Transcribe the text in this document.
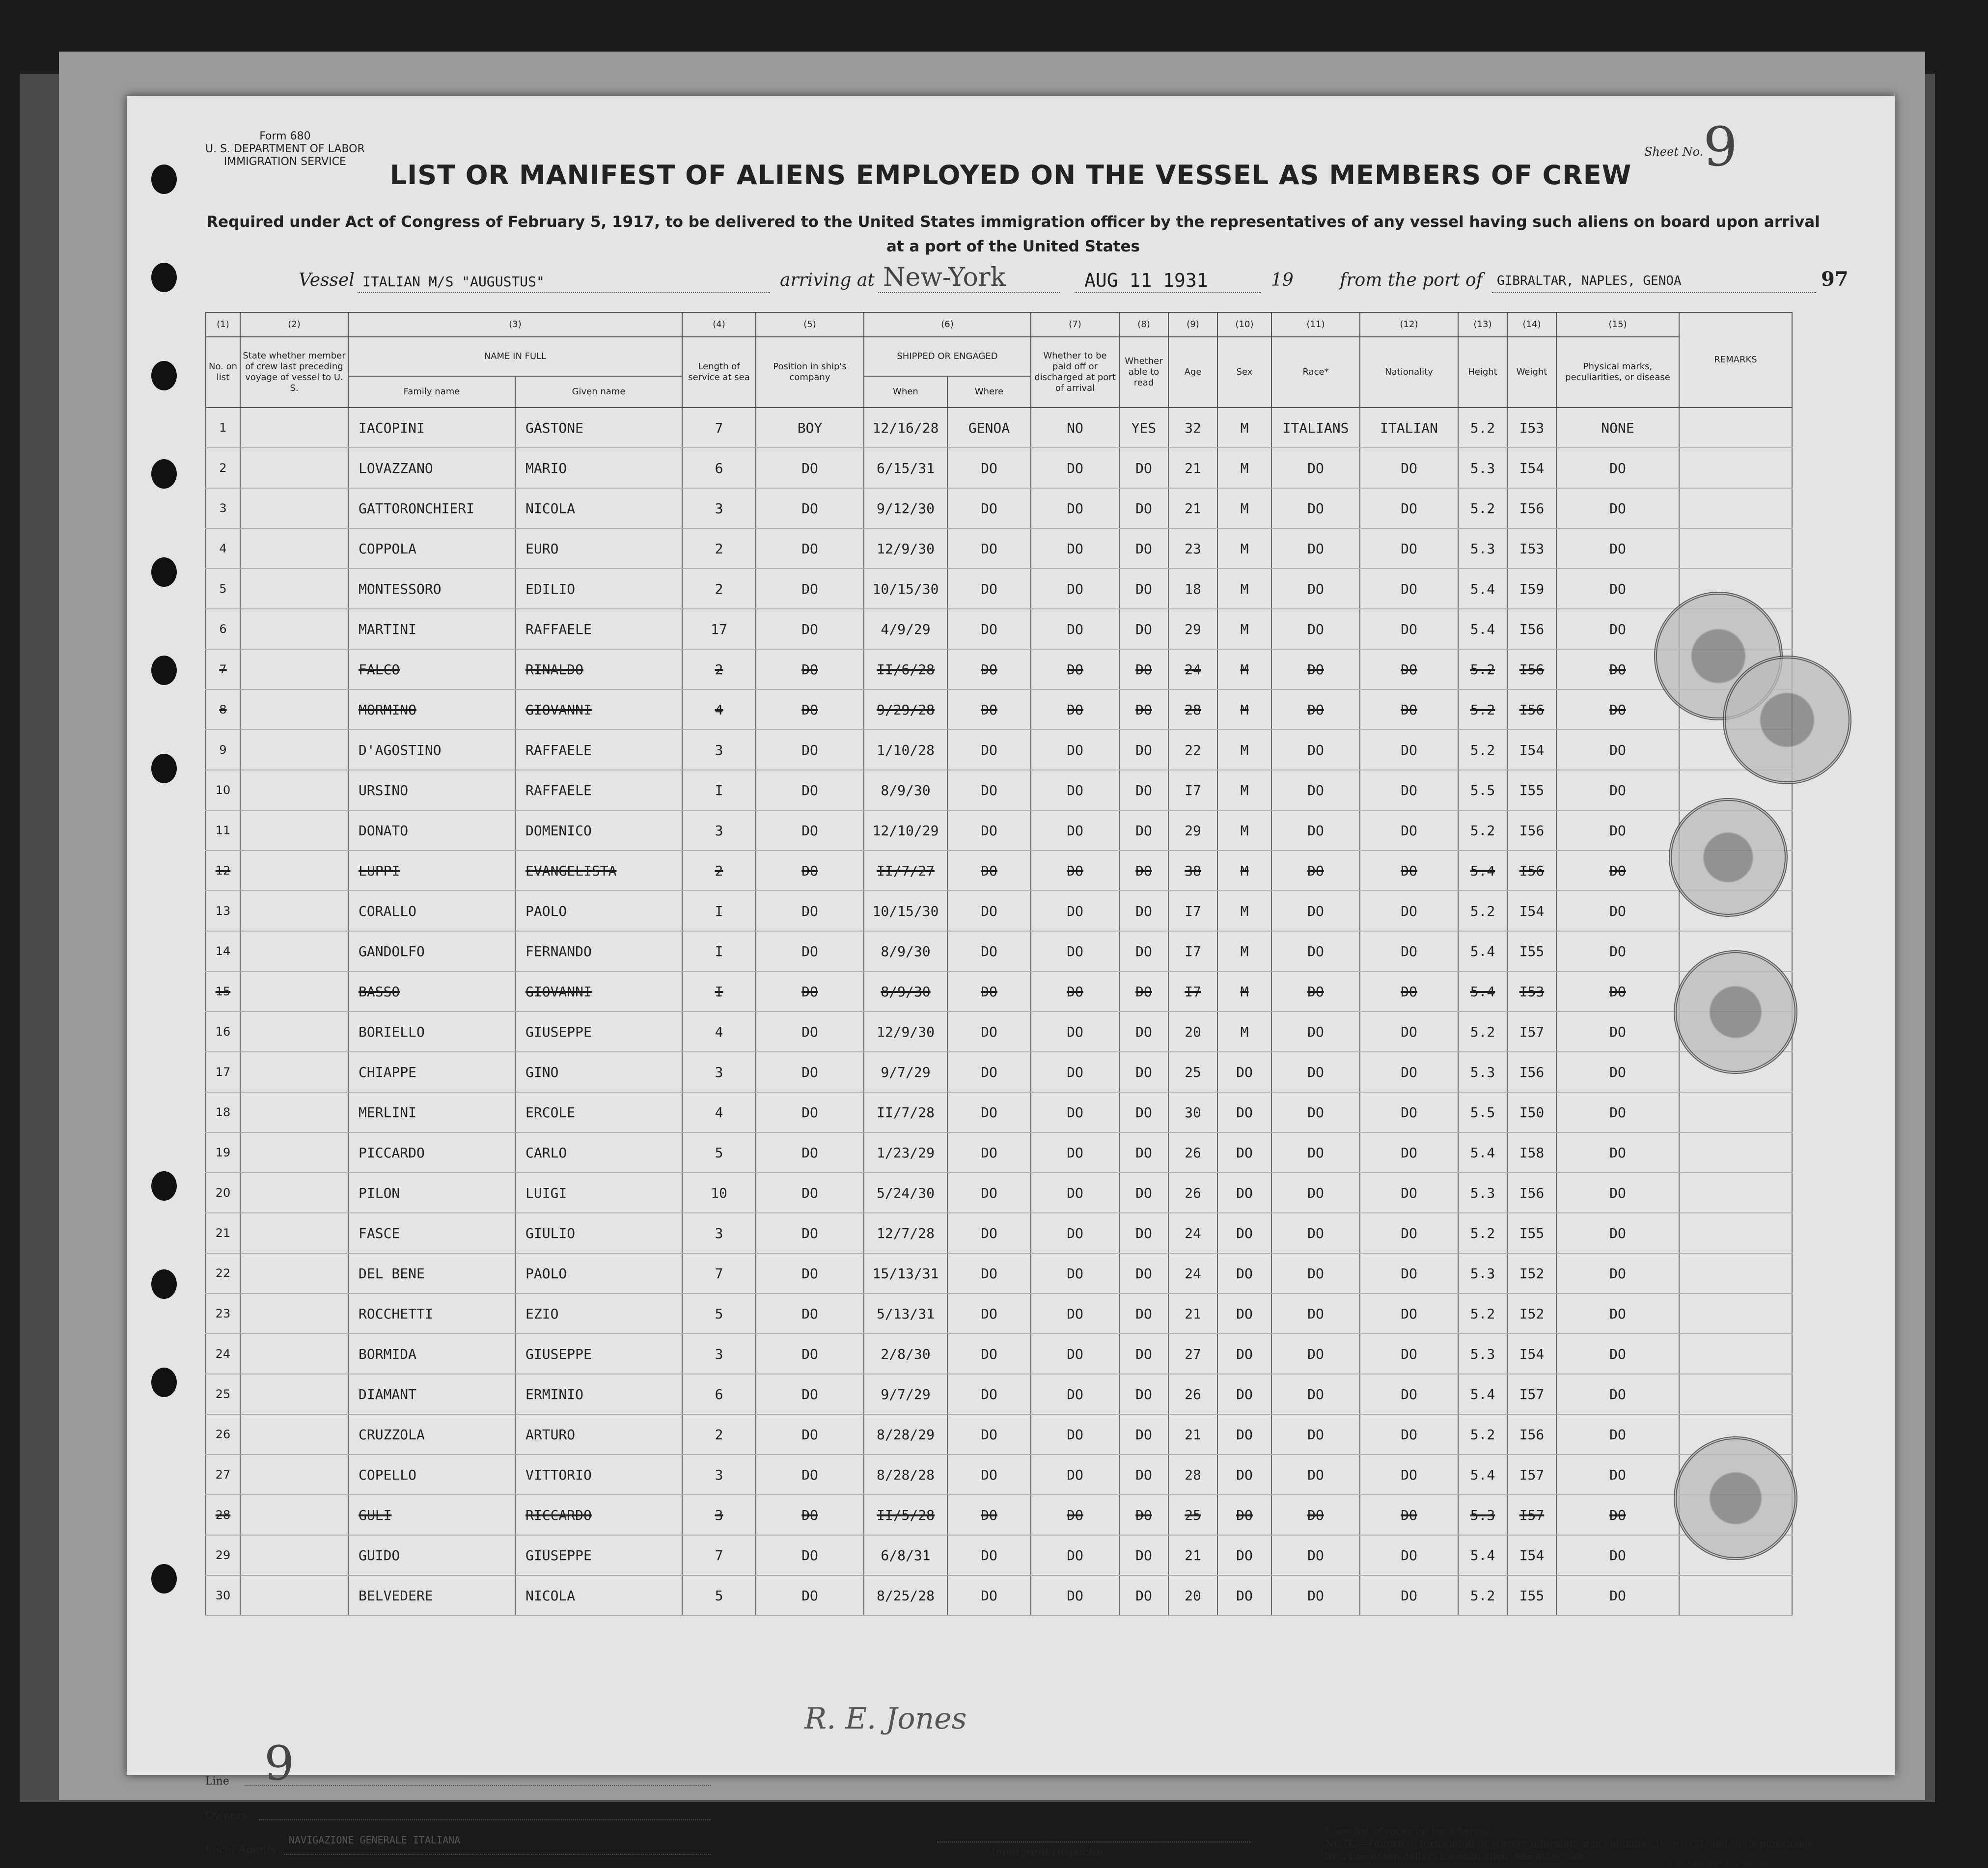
Form 680
U. S. DEPARTMENT OF LABOR
IMMIGRATION SERVICE
Sheet No. 9
LIST OR MANIFEST OF ALIENS EMPLOYED ON THE VESSEL AS MEMBERS OF CREW
Required under Act of Congress of February 5, 1917, to be delivered to the United States immigration officer by the representatives of any vessel having such aliens on board upon arrival at a port of the United States
Vessel ITALIAN M/S "AUGUSTUS"	arriving at New-York	AUG 11 1931	19	from the port of GIBRALTAR, NAPLES, GENOA	97
(1)	(2)	(3)		(4)	(5)	(6)		(7)	(8)	(9)	(10)	(11)	(12)	(13)	(14)	(15)	REMARKS
No. on list	State whether member of crew last preceding voyage of vessel to U. S.	NAME IN FULL		Length of service at sea	Position in ship's company	SHIPPED OR ENGAGED		Whether to be paid off or discharged at port of arrival	Whether able to read	Age	Sex	Race*	Nationality	Height	Weight	Physical marks, peculiarities, or disease	
		Family name	Given name			When	Where										
1		IACOPINI	GASTONE	7	BOY	12/16/28	GENOA	NO	YES	32	M	ITALIANS	ITALIAN	5.2	I53	NONE	
2		LOVAZZANO	MARIO	6	DO	6/15/31	DO	DO	DO	21	M	DO	DO	5.3	I54	DO	
3		GATTORONCHIERI	NICOLA	3	DO	9/12/30	DO	DO	DO	21	M	DO	DO	5.2	I56	DO	
4		COPPOLA	EURO	2	DO	12/9/30	DO	DO	DO	23	M	DO	DO	5.3	I53	DO	
5		MONTESSORO	EDILIO	2	DO	10/15/30	DO	DO	DO	18	M	DO	DO	5.4	I59	DO	
6		MARTINI	RAFFAELE	17	DO	4/9/29	DO	DO	DO	29	M	DO	DO	5.4	I56	DO	
7		FALCO	RINALDO	2	DO	II/6/28	DO	DO	DO	24	M	DO	DO	5.2	I56	DO	
8		MORMINO	GIOVANNI	4	DO	9/29/28	DO	DO	DO	28	M	DO	DO	5.2	I56	DO	
9		D'AGOSTINO	RAFFAELE	3	DO	1/10/28	DO	DO	DO	22	M	DO	DO	5.2	I54	DO	
10		URSINO	RAFFAELE	I	DO	8/9/30	DO	DO	DO	I7	M	DO	DO	5.5	I55	DO	
11		DONATO	DOMENICO	3	DO	12/10/29	DO	DO	DO	29	M	DO	DO	5.2	I56	DO	
12		LUPPI	EVANGELISTA	2	DO	II/7/27	DO	DO	DO	38	M	DO	DO	5.4	I56	DO	
13		CORALLO	PAOLO	I	DO	10/15/30	DO	DO	DO	I7	M	DO	DO	5.2	I54	DO	
14		GANDOLFO	FERNANDO	I	DO	8/9/30	DO	DO	DO	I7	M	DO	DO	5.4	I55	DO	
15		BASSO	GIOVANNI	I	DO	8/9/30	DO	DO	DO	I7	M	DO	DO	5.4	I53	DO	
16		BORIELLO	GIUSEPPE	4	DO	12/9/30	DO	DO	DO	20	M	DO	DO	5.2	I57	DO	
17		CHIAPPE	GINO	3	DO	9/7/29	DO	DO	DO	25	DO	DO	DO	5.3	I56	DO	
18		MERLINI	ERCOLE	4	DO	II/7/28	DO	DO	DO	30	DO	DO	DO	5.5	I50	DO	
19		PICCARDO	CARLO	5	DO	1/23/29	DO	DO	DO	26	DO	DO	DO	5.4	I58	DO	
20		PILON	LUIGI	10	DO	5/24/30	DO	DO	DO	26	DO	DO	DO	5.3	I56	DO	
21		FASCE	GIULIO	3	DO	12/7/28	DO	DO	DO	24	DO	DO	DO	5.2	I55	DO	
22		DEL BENE	PAOLO	7	DO	15/13/31	DO	DO	DO	24	DO	DO	DO	5.3	I52	DO	
23		ROCCHETTI	EZIO	5	DO	5/13/31	DO	DO	DO	21	DO	DO	DO	5.2	I52	DO	
24		BORMIDA	GIUSEPPE	3	DO	2/8/30	DO	DO	DO	27	DO	DO	DO	5.3	I54	DO	
25		DIAMANT	ERMINIO	6	DO	9/7/29	DO	DO	DO	26	DO	DO	DO	5.4	I57	DO	
26		CRUZZOLA	ARTURO	2	DO	8/28/29	DO	DO	DO	21	DO	DO	DO	5.2	I56	DO	
27		COPELLO	VITTORIO	3	DO	8/28/28	DO	DO	DO	28	DO	DO	DO	5.4	I57	DO	
28		GULI	RICCARDO	3	DO	II/5/28	DO	DO	DO	25	DO	DO	DO	5.3	I57	DO	
29		GUIDO	GIUSEPPE	7	DO	6/8/31	DO	DO	DO	21	DO	DO	DO	5.4	I54	DO	
30		BELVEDERE	NICOLA	5	DO	8/25/28	DO	DO	DO	20	DO	DO	DO	5.2	I55	DO	
R. E. Jones
9
Line
Owners
Local Agents
NAVIGAZIONE GENERALE ITALIANA
Immigrant Inspector.
* See list of races on back hereof.
NOTE.—Failure to furnish full or correct information in columns (3), (6), (7), and (8) is punishable by a fine of ten dollars for each alien. See other side.
U. S. GOVERNMENT PRINTING OFFICE
